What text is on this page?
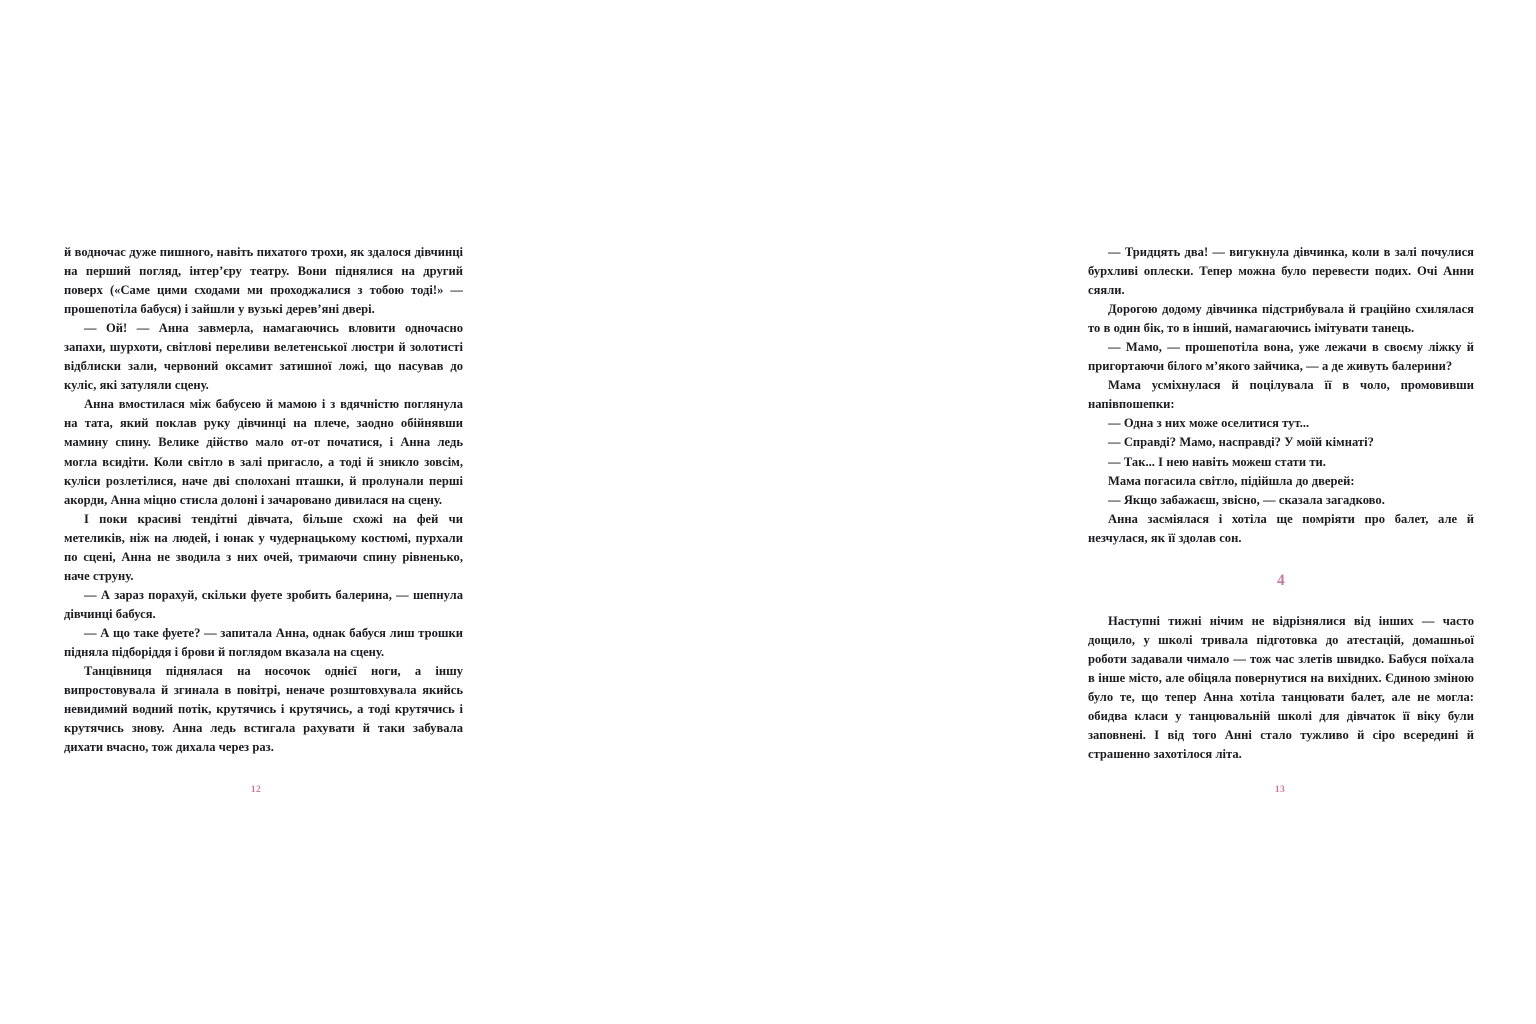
й водночас дуже пишного, навіть пихатого трохи, як здалося дівчинці на перший погляд, інтер’єру театру. Вони піднялися на другий поверх («Саме цими сходами ми проходжалися з тобою тоді!» — прошепотіла бабуся) і зайшли у вузькі дерев’яні двері.

— Ой! — Анна завмерла, намагаючись вловити одночасно запахи, шурхоти, світлові переливи велетенської люстри й золотисті відблиски зали, червоний оксамит затишної ложі, що пасував до куліс, які затуляли сцену.

Анна вмостилася між бабусею й мамою і з вдячністю поглянула на тата, який поклав руку дівчинці на плече, заодно обійнявши мамину спину. Велике дійство мало от-от початися, і Анна ледь могла всидіти. Коли світло в залі пригасло, а тоді й зникло зовсім, куліси розлетілися, наче дві сполохані пташки, й пролунали перші акорди, Анна міцно стисла долоні і зачаровано дивилася на сцену.

І поки красиві тендітні дівчата, більше схожі на фей чи метеликів, ніж на людей, і юнак у чудернацькому костюмі, пурхали по сцені, Анна не зводила з них очей, тримаючи спину рівненько, наче струну.

— А зараз порахуй, скільки фуете зробить балерина, — шепнула дівчинці бабуся.

— А що таке фуете? — запитала Анна, однак бабуся лиш трошки підняла підборіддя і брови й поглядом вказала на сцену.

Танцівниця піднялася на носочок однієї ноги, а іншу випростовувала й згинала в повітрі, неначе розштовхувала якийсь невидимий водний потік, крутячись і крутячись, а тоді крутячись і крутячись знову. Анна ледь встигала рахувати й таки забувала дихати вчасно, тож дихала через раз.

12

— Тридцять два! — вигукнула дівчинка, коли в залі почулися бурхливі оплески. Тепер можна було перевести подих. Очі Анни сяяли.

Дорогою додому дівчинка підстрибувала й граційно схилялася то в один бік, то в інший, намагаючись імітувати танець.

— Мамо, — прошепотіла вона, уже лежачи в своєму ліжку й пригортаючи білого м’якого зайчика, — а де живуть балерини?

Мама усміхнулася й поцілувала її в чоло, промовивши напівпошепки:

— Одна з них може оселитися тут...

— Справді? Мамо, насправді? У моїй кімнаті?

— Так... І нею навіть можеш стати ти.

Мама погасила світло, підійшла до дверей:

— Якщо забажаєш, звісно, — сказала загадково.

Анна засміялася і хотіла ще помріяти про балет, але й незчулася, як її здолав сон.

4

Наступні тижні нічим не відрізнялися від інших — часто дощило, у школі тривала підготовка до атестацій, домашньої роботи задавали чимало — тож час злетів швидко. Бабуся поїхала в інше місто, але обіцяла повернутися на вихідних. Єдиною зміною було те, що тепер Анна хотіла танцювати балет, але не могла: обидва класи у танцювальній школі для дівчаток її віку були заповнені. І від того Анні стало тужливо й сіро всередині й страшенно захотілося літа.

13
